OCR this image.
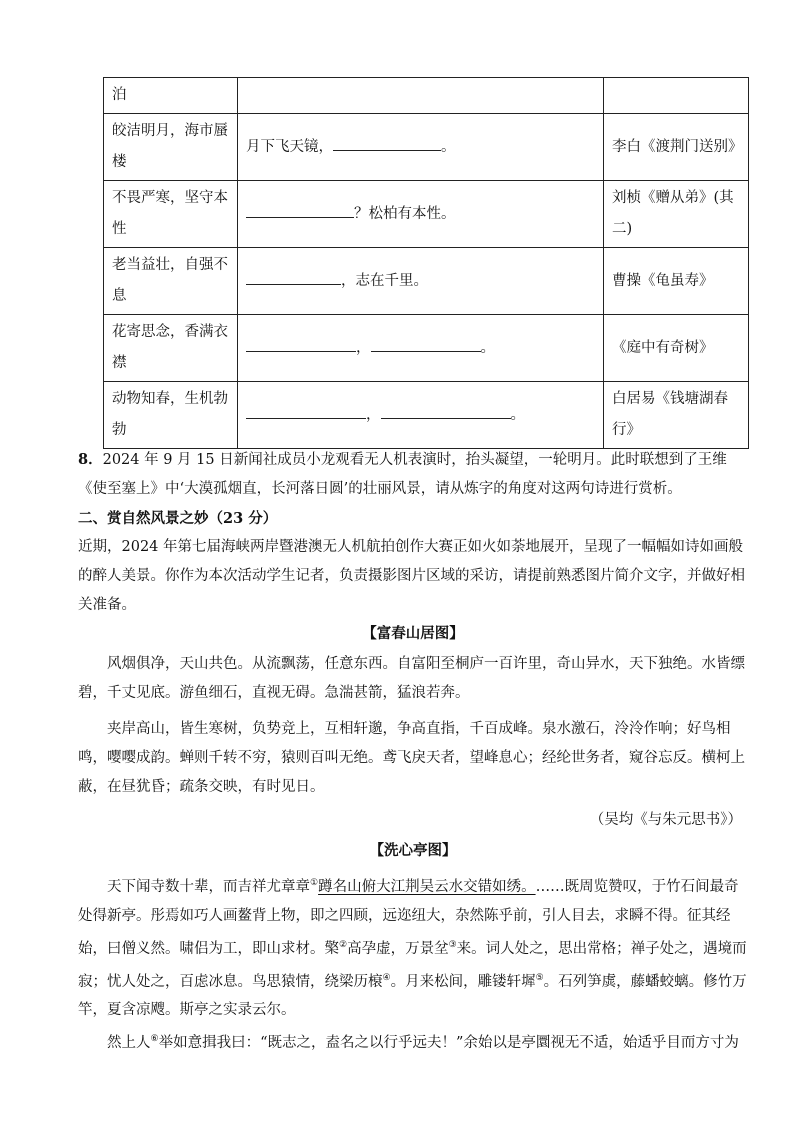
泊		
皎洁明月，海市蜃楼	月下飞天镜， 。	李白《渡荆门送别》
不畏严寒，坚守本性	？松柏有本性。	刘桢《赠从弟》(其二)
老当益壮，自强不息	，志在千里。	曹操《龟虽寿》
花寄思念，香满衣襟	， 。	《庭中有奇树》
动物知春，生机勃勃	， 。	白居易《钱塘湖春行》
8．2024 年 9 月 15 日新闻社成员小龙观看无人机表演时，抬头凝望，一轮明月。此时联想到了王维《使至塞上》中‘大漠孤烟直，长河落日圆’的壮丽风景，请从炼字的角度对这两句诗进行赏析。
二、赏自然风景之妙（23 分）
近期，2024 年第七届海峡两岸暨港澳无人机航拍创作大赛正如火如荼地展开，呈现了一幅幅如诗如画般的醉人美景。你作为本次活动学生记者，负责摄影图片区域的采访，请提前熟悉图片简介文字，并做好相关准备。
【富春山居图】
风烟俱净，天山共色。从流飘荡，任意东西。自富阳至桐庐一百许里，奇山异水，天下独绝。水皆缥碧，千丈见底。游鱼细石，直视无碍。急湍甚箭，猛浪若奔。
夹岸高山，皆生寒树，负势竞上，互相轩邈，争高直指，千百成峰。泉水激石，泠泠作响；好鸟相鸣，嘤嘤成韵。蝉则千转不穷，猿则百叫无绝。鸢飞戾天者，望峰息心；经纶世务者，窥谷忘反。横柯上蔽，在昼犹昏；疏条交映，有时见日。
（吴均《与朱元思书》）
【洗心亭图】
天下闻寺数十辈，而吉祥尤章章①蹲名山俯大江荆吴云水交错如绣。……既周览赞叹，于竹石间最奇处得新亭。彤焉如巧人画鳌背上物，即之四顾，远迩纽大，杂然陈乎前，引人目去，求瞬不得。征其经始，曰僧义然。啸侣为工，即山求材。檠②高孕虚，万景坌③来。词人处之，思出常格；禅子处之，遇境而寂；忧人处之，百虑冰息。鸟思猿情，绕梁历榱④。月来松间，雕镂轩墀⑤。石列笋虡，藤蟠蛟螭。修竹万竿，夏含凉飕。斯亭之实录云尔。
然上人⑥举如意揖我曰：“既志之，盍名之以行乎远夫！”余始以是亭圜视无不适，始适乎目而方寸为
